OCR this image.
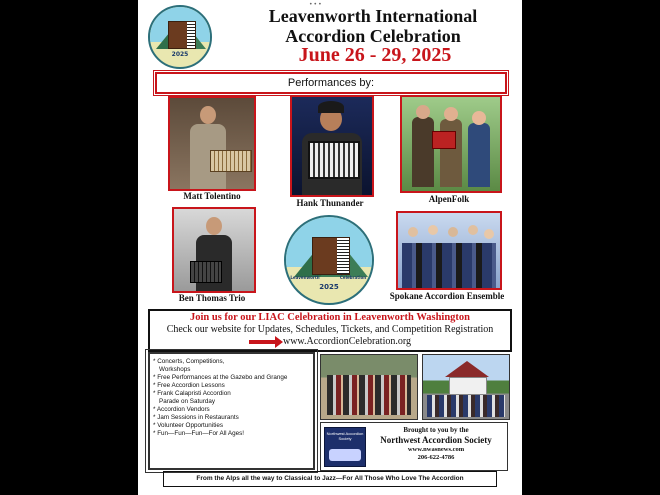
•••
2025
Leavenworth International
Accordion Celebration
June 26 - 29, 2025
Performances by:
Matt Tolentino
Hank Thunander	AlpenFolk
Ben Thomas Trio
2025
Leavenworth	Celebration
Spokane Accordion Ensemble
Join us for our LIAC Celebration in Leavenworth Washington
Check our website for Updates, Schedules, Tickets, and Competition Registration
www.AccordionCelebration.org
* Concerts, Competitions,
Workshops
* Free Performances at the Gazebo and Grange
* Free Accordion Lessons
* Frank Calapristi Accordion
Parade on Saturday
* Accordion Vendors
* Jam Sessions in Restaurants
* Volunteer Opportunities
* Fun—Fun—Fun—For All Ages!	Northwest Accordion Society
Brought to you by the
Northwest Accordion Society
www.nwasnews.com
206-622-4786
From the Alps all the way to Classical to Jazz—For All Those Who Love The Accordion
